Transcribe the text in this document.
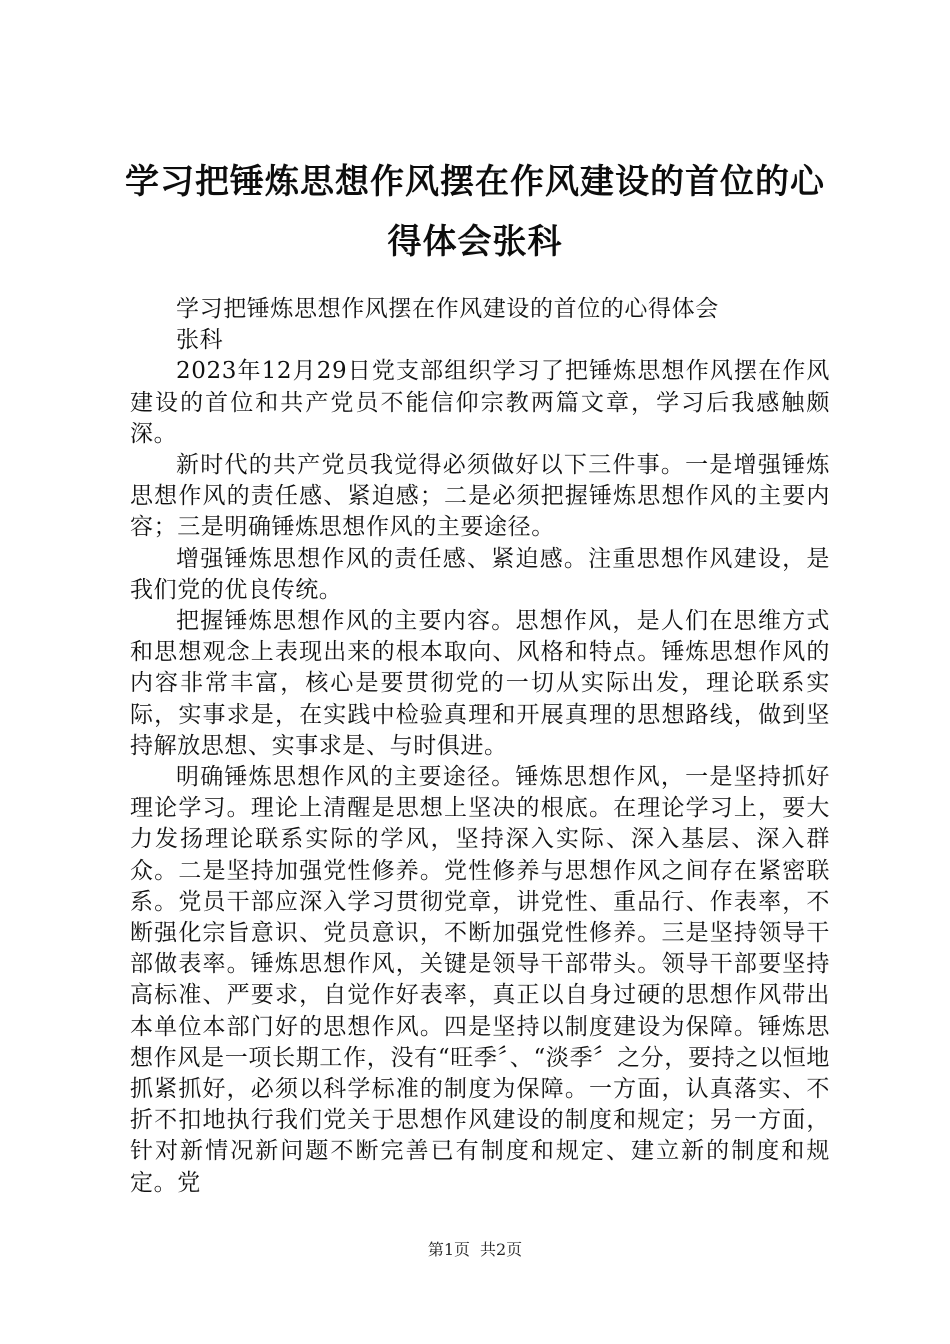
学习把锤炼思想作风摆在作风建设的首位的心得体会张科

学习把锤炼思想作风摆在作风建设的首位的心得体会

张科

2023年12月29日党支部组织学习了把锤炼思想作风摆在作风建设的首位和共产党员不能信仰宗教两篇文章，学习后我感触颇深。

新时代的共产党员我觉得必须做好以下三件事。一是增强锤炼思想作风的责任感、紧迫感；二是必须把握锤炼思想作风的主要内容；三是明确锤炼思想作风的主要途径。

增强锤炼思想作风的责任感、紧迫感。注重思想作风建设，是我们党的优良传统。

把握锤炼思想作风的主要内容。思想作风，是人们在思维方式和思想观念上表现出来的根本取向、风格和特点。锤炼思想作风的内容非常丰富，核心是要贯彻党的一切从实际出发，理论联系实际，实事求是，在实践中检验真理和开展真理的思想路线，做到坚持解放思想、实事求是、与时俱进。

明确锤炼思想作风的主要途径。锤炼思想作风，一是坚持抓好理论学习。理论上清醒是思想上坚决的根底。在理论学习上，要大力发扬理论联系实际的学风，坚持深入实际、深入基层、深入群众。二是坚持加强党性修养。党性修养与思想作风之间存在紧密联系。党员干部应深入学习贯彻党章，讲党性、重品行、作表率，不断强化宗旨意识、党员意识，不断加强党性修养。三是坚持领导干部做表率。锤炼思想作风，关键是领导干部带头。领导干部要坚持高标准、严要求，自觉作好表率，真正以自身过硬的思想作风带出本单位本部门好的思想作风。四是坚持以制度建设为保障。锤炼思想作风是一项长期工作，没有“旺季〞、“淡季〞之分，要持之以恒地抓紧抓好，必须以科学标准的制度为保障。一方面，认真落实、不折不扣地执行我们党关于思想作风建设的制度和规定；另一方面，针对新情况新问题不断完善已有制度和规定、建立新的制度和规定。党

第1页 共2页
